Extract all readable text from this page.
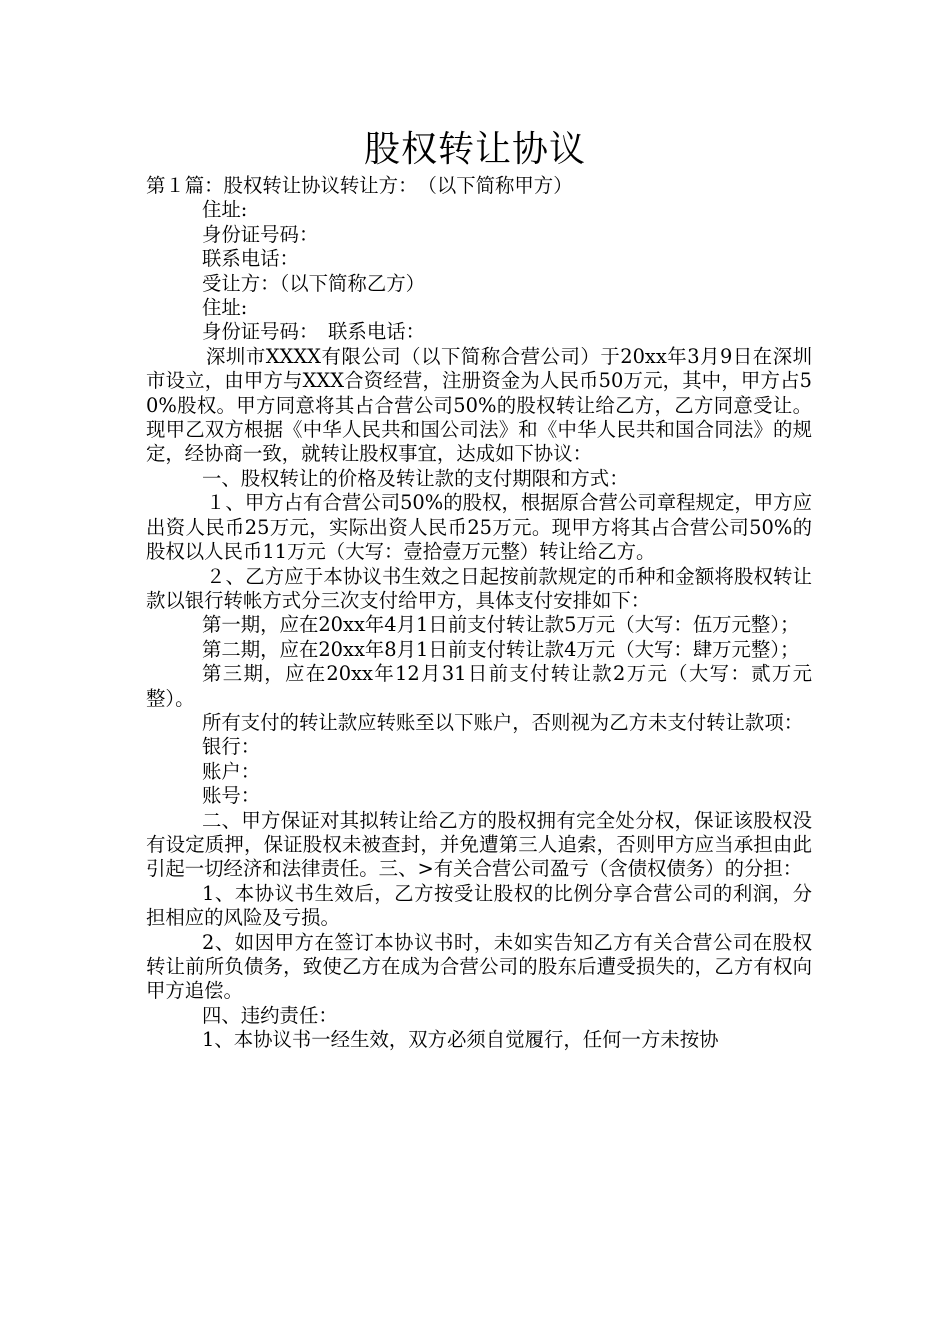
股权转让协议

第１篇：股权转让协议转让方：　（以下简称甲方）

住址:

身份证号码：

联系电话：

受让方：（以下简称乙方）

住址:

身份证号码：　联系电话：

深圳市XXXX有限公司（以下简称合营公司）于20xx年3月9日在深圳市设立，由甲方与XXX合资经营，注册资金为人民币50万元，其中，甲方占50%股权。甲方同意将其占合营公司50%的股权转让给乙方，乙方同意受让。现甲乙双方根据《中华人民共和国公司法》和《中华人民共和国合同法》的规定，经协商一致，就转让股权事宜，达成如下协议：

一、股权转让的价格及转让款的支付期限和方式：

１、甲方占有合营公司50%的股权，根据原合营公司章程规定，甲方应出资人民币25万元，实际出资人民币25万元。现甲方将其占合营公司50%的股权以人民币11万元（大写：壹拾壹万元整）转让给乙方。

２、乙方应于本协议书生效之日起按前款规定的币种和金额将股权转让款以银行转帐方式分三次支付给甲方，具体支付安排如下：

第一期，应在20xx年4月1日前支付转让款5万元（大写：伍万元整）；

第二期，应在20xx年8月1日前支付转让款4万元（大写：肆万元整）；

第三期，应在20xx年12月31日前支付转让款2万元（大写：贰万元整）。

所有支付的转让款应转账至以下账户，否则视为乙方未支付转让款项：

银行：

账户：

账号：

二、甲方保证对其拟转让给乙方的股权拥有完全处分权，保证该股权没有设定质押，保证股权未被查封，并免遭第三人追索，否则甲方应当承担由此引起一切经济和法律责任。三、>有关合营公司盈亏（含债权债务）的分担：

1、本协议书生效后，乙方按受让股权的比例分享合营公司的利润，分担相应的风险及亏损。

2、如因甲方在签订本协议书时，未如实告知乙方有关合营公司在股权转让前所负债务，致使乙方在成为合营公司的股东后遭受损失的，乙方有权向甲方追偿。

四、违约责任：

1、本协议书一经生效，双方必须自觉履行，任何一方未按协
